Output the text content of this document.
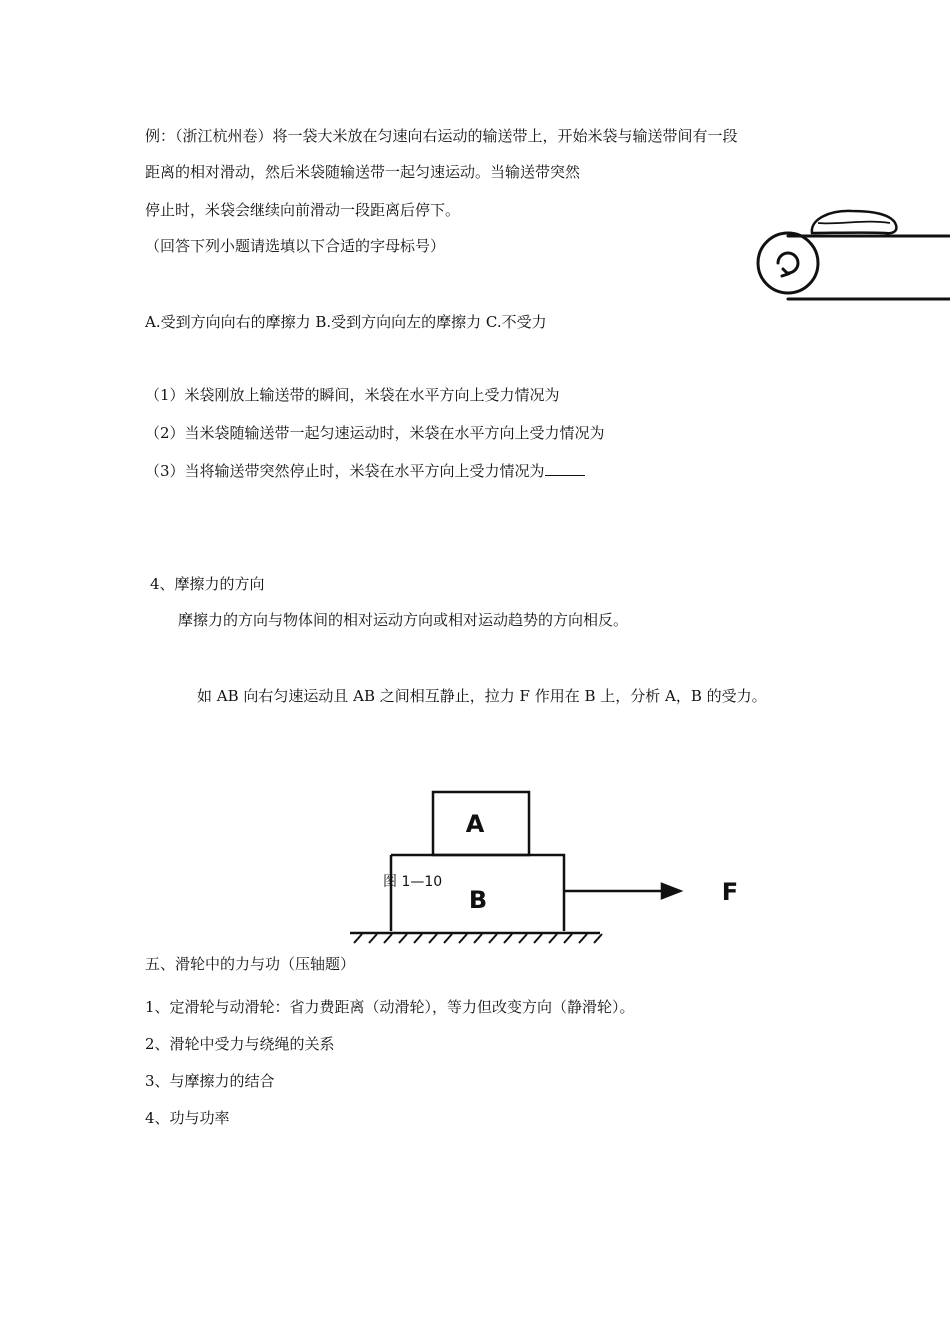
例：（浙江杭州卷）将一袋大米放在匀速向右运动的输送带上，开始米袋与输送带间有一段
距离的相对滑动，然后米袋随输送带一起匀速运动。当输送带突然
停止时，米袋会继续向前滑动一段距离后停下。
（回答下列小题请选填以下合适的字母标号）
A.受到方向向右的摩擦力 B.受到方向向左的摩擦力 C.不受力
（1）米袋刚放上输送带的瞬间，米袋在水平方向上受力情况为
（2）当米袋随输送带一起匀速运动时，米袋在水平方向上受力情况为
（3）当将输送带突然停止时，米袋在水平方向上受力情况为
4、摩擦力的方向
摩擦力的方向与物体间的相对运动方向或相对运动趋势的方向相反。
如 AB 向右匀速运动且 AB 之间相互静止，拉力 F 作用在 B 上，分析 A，B 的受力。
A
B	F
图 1—10
五、滑轮中的力与功（压轴题）
1、定滑轮与动滑轮：省力费距离（动滑轮），等力但改变方向（静滑轮）。
2、滑轮中受力与绕绳的关系
3、与摩擦力的结合
4、功与功率
